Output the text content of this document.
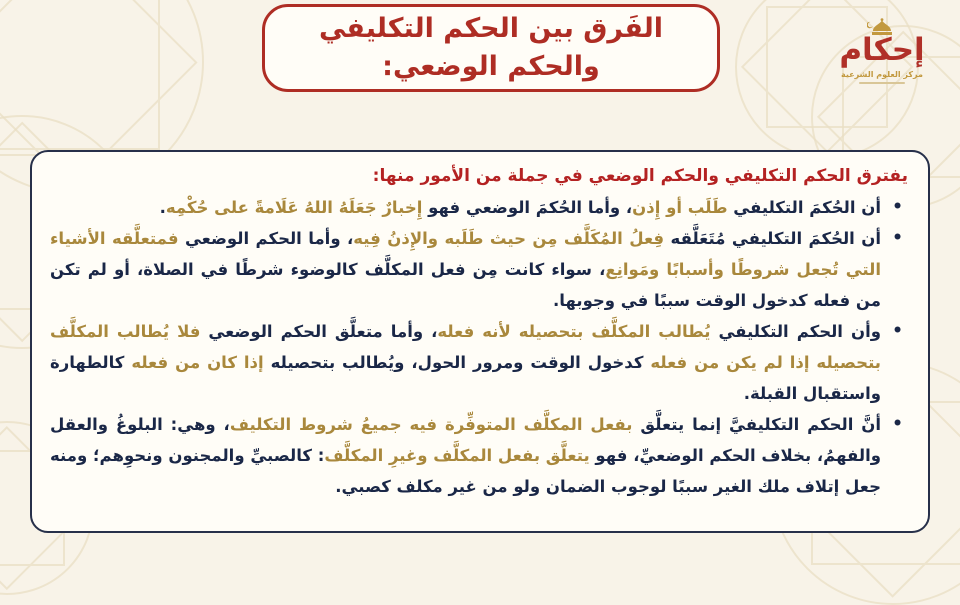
الفَرق بين الحكم التكليفي
والحكم الوضعي:	إحكام
مركز العلوم الشرعية
يفترق الحكم التكليفي والحكم الوضعي في جملة من الأمور منها:
•
أن الحُكمَ التكليفي طَلَب أو إِذن، وأما الحُكمَ الوضعي فهو إِخبارٌ جَعَلَهُ اللهُ عَلَامةً على حُكْمِه.
•
أن الحُكمَ التكليفي مُتَعَلَّقه فِعلُ المُكَلَّف مِن حيث طَلَبه والإِذنُ فِيه، وأما الحكم الوضعي فمتعلَّقه الأشياء التي تُجعل شروطًا وأسبابًا ومَوانِع، سواء كانت مِن فعل المكلَّف كالوضوء شرطًا في الصلاة، أو لم تكن من فعله كدخول الوقت سببًا في وجوبها.
•
وأن الحكم التكليفي يُطالب المكلَّف بتحصيله لأنه فعله، وأما متعلَّق الحكم الوضعي فلا يُطالب المكلَّف بتحصيله إذا لم يكن من فعله كدخول الوقت ومرور الحول، ويُطالب بتحصيله إذا كان من فعله كالطهارة واستقبال القبلة.
•
أنَّ الحكم التكليفيَّ إنما يتعلَّق بفعل المكلَّف المتوفِّرة فيه جميعُ شروط التكليف، وهي: البلوغُ والعقل والفهمُ، بخلاف الحكم الوضعيِّ، فهو يتعلَّق بفعل المكلَّف وغيرِ المكلَّف: كالصبيِّ والمجنون ونحوِهم؛ ومنه جعل إتلاف ملك الغير سببًا لوجوب الضمان ولو من غير مكلف كصبي.
